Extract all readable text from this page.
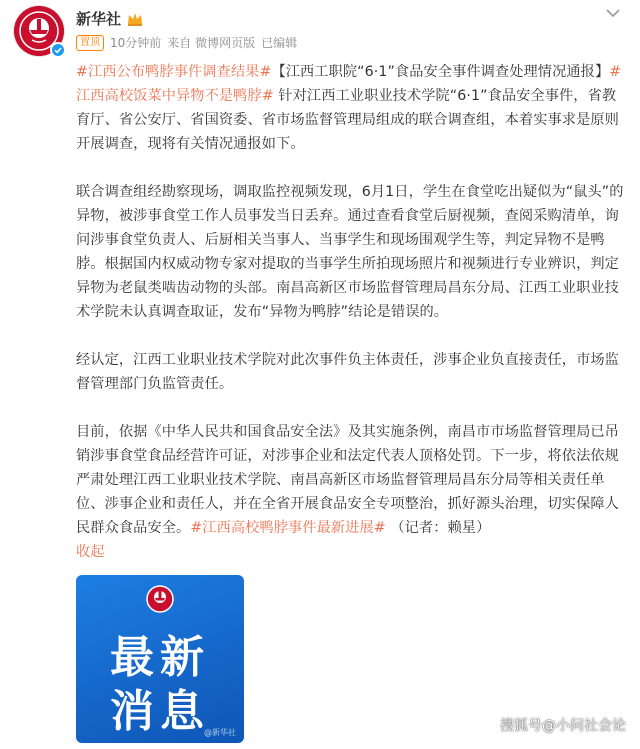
新华社
置顶 10分钟前 来自 微博网页版 已编辑

#江西公布鸭脖事件调查结果#【江西工职院“6·1”食品安全事件调查处理情况通报】#江西高校饭菜中异物不是鸭脖# 针对江西工业职业技术学院“6·1”食品安全事件，省教育厅、省公安厅、省国资委、省市场监督管理局组成的联合调查组，本着实事求是原则开展调查，现将有关情况通报如下。

联合调查组经勘察现场，调取监控视频发现，6月1日，学生在食堂吃出疑似为“鼠头”的异物，被涉事食堂工作人员事发当日丢弃。通过查看食堂后厨视频，查阅采购清单，询问涉事食堂负责人、后厨相关当事人、当事学生和现场围观学生等，判定异物不是鸭脖。根据国内权威动物专家对提取的当事学生所拍现场照片和视频进行专业辨识，判定异物为老鼠类啮齿动物的头部。南昌高新区市场监督管理局昌东分局、江西工业职业技术学院未认真调查取证，发布“异物为鸭脖”结论是错误的。

经认定，江西工业职业技术学院对此次事件负主体责任，涉事企业负直接责任，市场监督管理部门负监管责任。

目前，依据《中华人民共和国食品安全法》及其实施条例，南昌市市场监督管理局已吊销涉事食堂食品经营许可证，对涉事企业和法定代表人顶格处罚。下一步，将依法依规严肃处理江西工业职业技术学院、南昌高新区市场监督管理局昌东分局等相关责任单位、涉事企业和责任人，并在全省开展食品安全专项整治，抓好源头治理，切实保障人民群众食品安全。#江西高校鸭脖事件最新进展# （记者：赖星）

收起

最新
消息
@新华社	搜狐号@小问社会论
